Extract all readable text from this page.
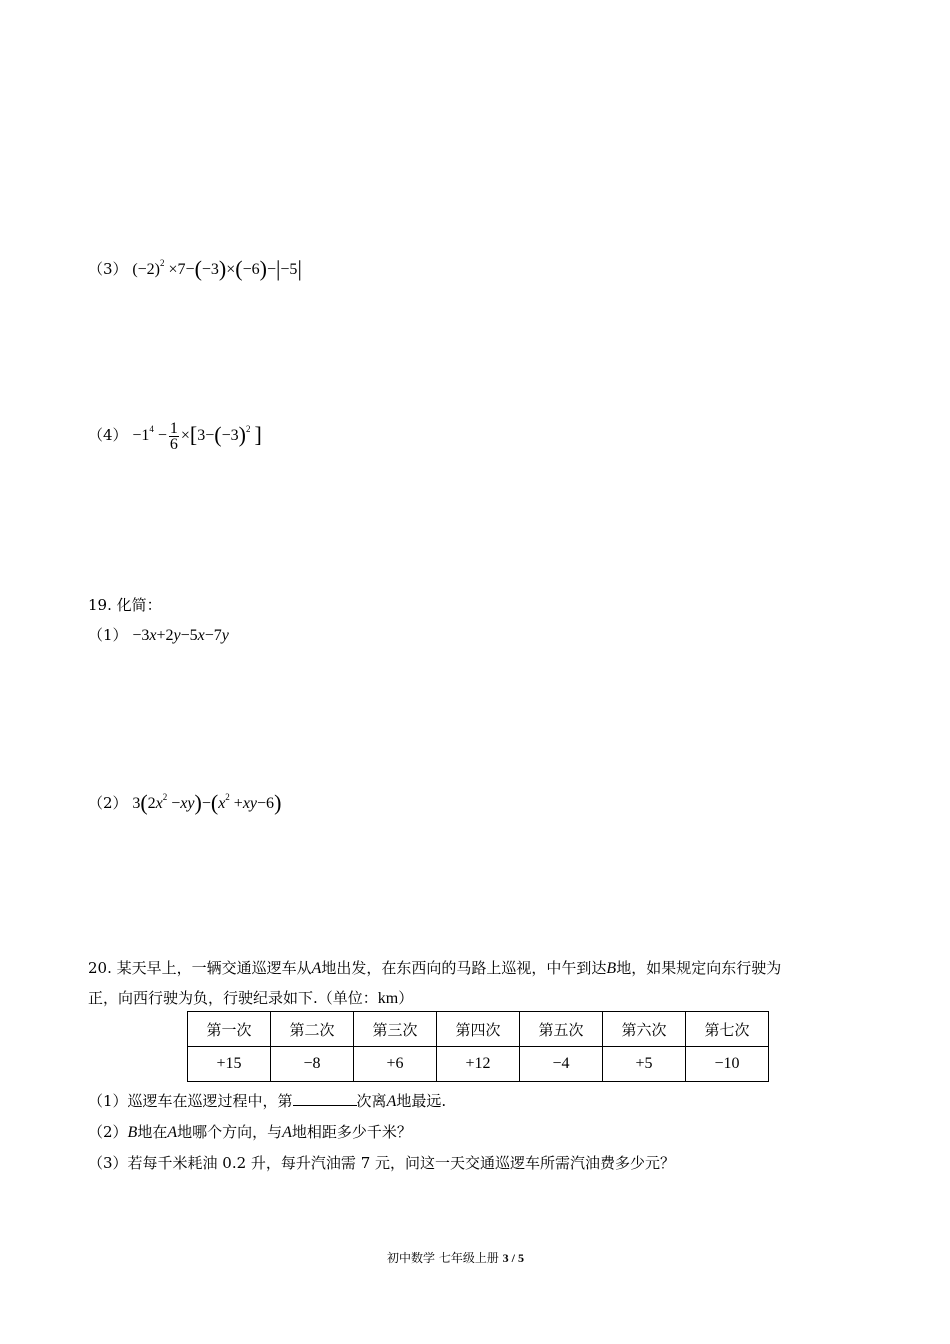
（3） $(-2)^2 \times 7-(-3)\times(-6)-|-5|$
$(4) -1^4 - \frac{1}{6} \times[3-(-3)^2$ ]
19. 化简：
（1） −3x+2y−5x−7y
（2） $3(2x^2 -xy)-(x^2 +xy-6)$
20. 某天早上，一辆交通巡逻车从A地出发，在东西向的马路上巡视，中午到达B地，如果规定向东行驶为
正，向西行驶为负，行驶纪录如下.（单位：km）
第一次	第二次	第三次	第四次	第五次	第六次	第七次
+15	−8	+6	+12	−4	+5	−10
（1）巡逻车在巡逻过程中，第	次离A地最远.
（2）B地在A地哪个方向，与A地相距多少千米？
（3）若每千米耗油 0.2 升，每升汽油需 7 元，问这一天交通巡逻车所需汽油费多少元？
初中数学 七年级上册 3 / 5
